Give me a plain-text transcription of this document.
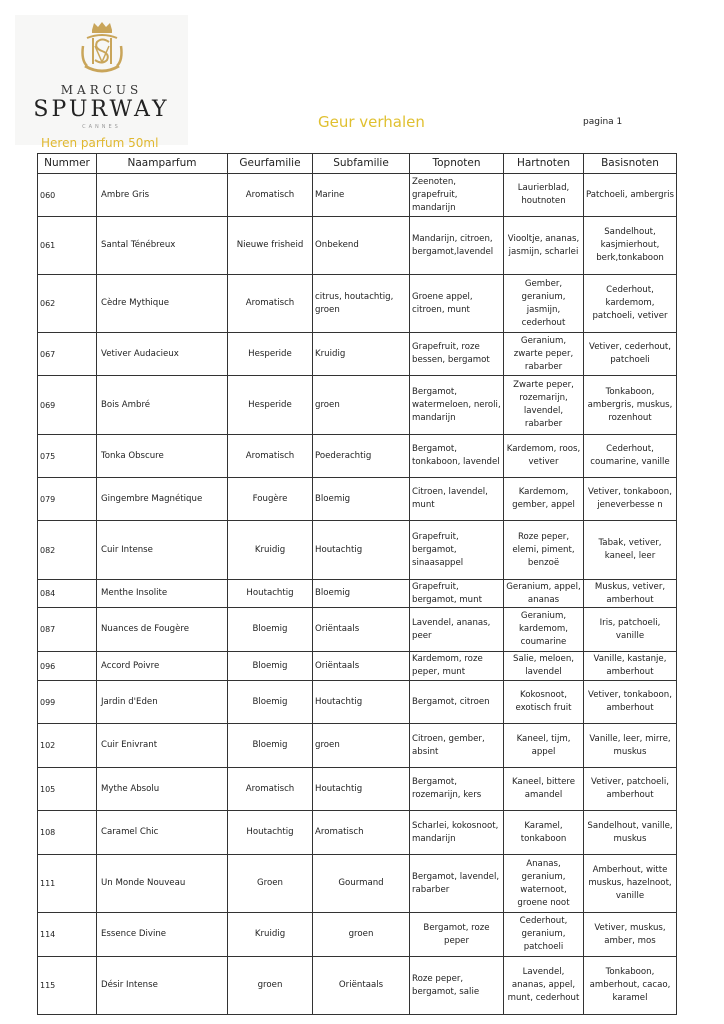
MARCUS
SPURWAY
CANNES
Heren parfum 50ml
Geur verhalen	pagina 1
Nummer	Naamparfum	Geurfamilie	Subfamilie	Topnoten	Hartnoten	Basisnoten
060	Ambre Gris	Aromatisch	Marine	Zeenoten, grapefruit, mandarijn	Laurierblad, houtnoten	Patchoeli, ambergris
061	Santal Ténébreux	Nieuwe frisheid	Onbekend	Mandarijn, citroen, bergamot,lavendel	Viooltje, ananas, jasmijn, scharlei	Sandelhout, kasjmierhout, berk,tonkaboon
062	Cèdre Mythique	Aromatisch	citrus, houtachtig, groen	Groene appel, citroen, munt	Gember, geranium, jasmijn, cederhout	Cederhout, kardemom, patchoeli, vetiver
067	Vetiver Audacieux	Hesperide	Kruidig	Grapefruit, roze bessen, bergamot	Geranium, zwarte peper, rabarber	Vetiver, cederhout, patchoeli
069	Bois Ambré	Hesperide	groen	Bergamot, watermeloen, neroli, mandarijn	Zwarte peper, rozemarijn, lavendel, rabarber	Tonkaboon, ambergris, muskus, rozenhout
075	Tonka Obscure	Aromatisch	Poederachtig	Bergamot, tonkaboon, lavendel	Kardemom, roos, vetiver	Cederhout, coumarine, vanille
079	Gingembre Magnétique	Fougère	Bloemig	Citroen, lavendel, munt	Kardemom, gember, appel	Vetiver, tonkaboon, jeneverbesse n
082	Cuir Intense	Kruidig	Houtachtig	Grapefruit, bergamot, sinaasappel	Roze peper, elemi, piment, benzoë	Tabak, vetiver, kaneel, leer
084	Menthe Insolite	Houtachtig	Bloemig	Grapefruit, bergamot, munt	Geranium, appel, ananas	Muskus, vetiver, amberhout
087	Nuances de Fougère	Bloemig	Oriëntaals	Lavendel, ananas, peer	Geranium, kardemom, coumarine	Iris, patchoeli, vanille
096	Accord Poivre	Bloemig	Oriëntaals	Kardemom, roze peper, munt	Salie, meloen, lavendel	Vanille, kastanje, amberhout
099	Jardin d'Eden	Bloemig	Houtachtig	Bergamot, citroen	Kokosnoot, exotisch fruit	Vetiver, tonkaboon, amberhout
102	Cuir Enivrant	Bloemig	groen	Citroen, gember, absint	Kaneel, tijm, appel	Vanille, leer, mirre, muskus
105	Mythe Absolu	Aromatisch	Houtachtig	Bergamot, rozemarijn, kers	Kaneel, bittere amandel	Vetiver, patchoeli, amberhout
108	Caramel Chic	Houtachtig	Aromatisch	Scharlei, kokosnoot, mandarijn	Karamel, tonkaboon	Sandelhout, vanille, muskus
111	Un Monde Nouveau	Groen	Gourmand	Bergamot, lavendel, rabarber	Ananas, geranium, waternoot, groene noot	Amberhout, witte muskus, hazelnoot, vanille
114	Essence Divine	Kruidig	groen	Bergamot, roze peper	Cederhout, geranium, patchoeli	Vetiver, muskus, amber, mos
115	Désir Intense	groen	Oriëntaals	Roze peper, bergamot, salie	Lavendel, ananas, appel, munt, cederhout	Tonkaboon, amberhout, cacao, karamel
